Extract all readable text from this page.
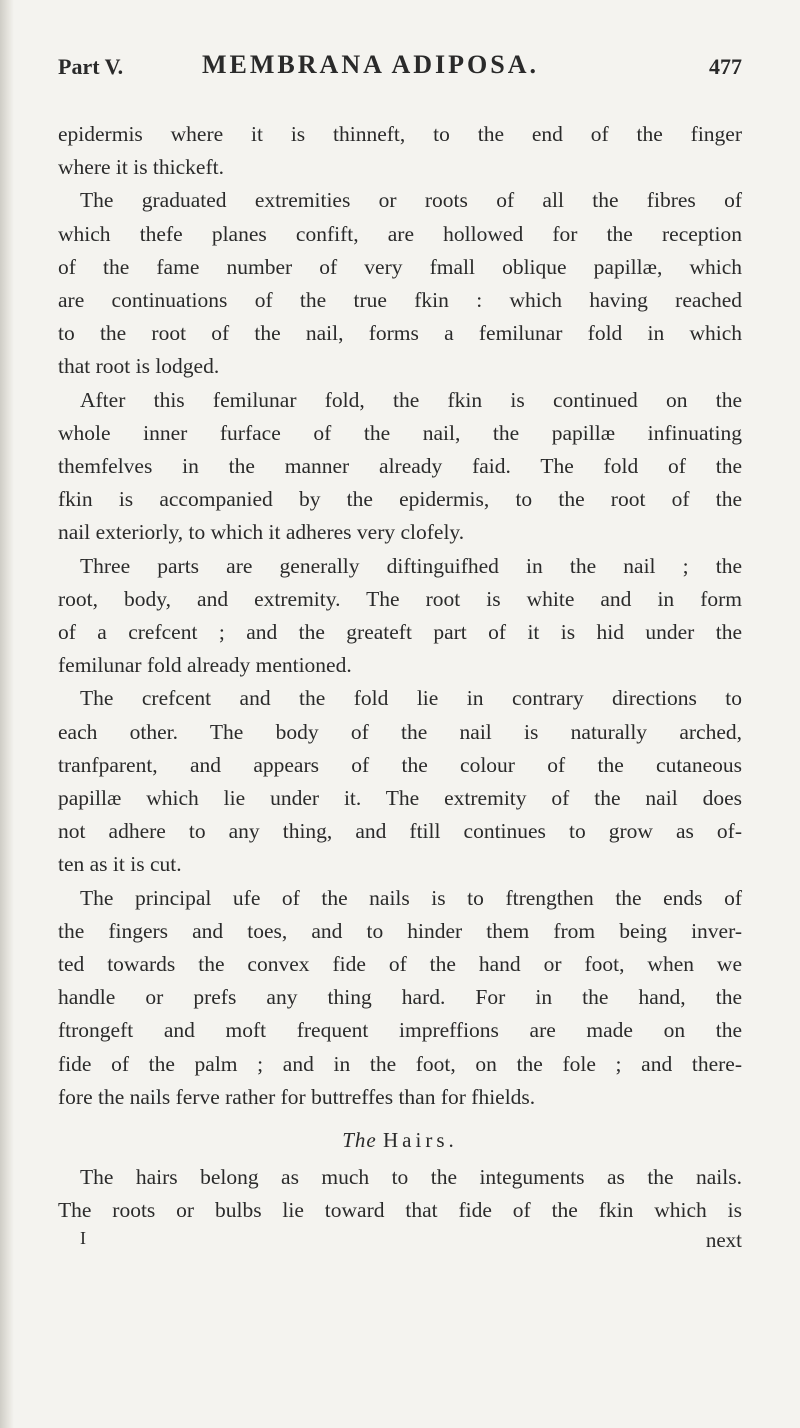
Part V.	MEMBRANA ADIPOSA.	477
epidermis where it is thinneft, to the end of the finger
where it is thickeft.
The graduated extremities or roots of all the fibres of
which thefe planes confift, are hollowed for the reception
of the fame number of very fmall oblique papillæ, which
are continuations of the true fkin : which having reached
to the root of the nail, forms a femilunar fold in which
that root is lodged.
After this femilunar fold, the fkin is continued on the
whole inner furface of the nail, the papillæ infinuating
themfelves in the manner already faid. The fold of the
fkin is accompanied by the epidermis, to the root of the
nail exteriorly, to which it adheres very clofely.
Three parts are generally diftinguifhed in the nail ; the
root, body, and extremity. The root is white and in form
of a crefcent ; and the greateft part of it is hid under the
femilunar fold already mentioned.
The crefcent and the fold lie in contrary directions to
each other. The body of the nail is naturally arched,
tranfparent, and appears of the colour of the cutaneous
papillæ which lie under it. The extremity of the nail does
not adhere to any thing, and ftill continues to grow as of-
ten as it is cut.
The principal ufe of the nails is to ftrengthen the ends of
the fingers and toes, and to hinder them from being inver-
ted towards the convex fide of the hand or foot, when we
handle or prefs any thing hard. For in the hand, the
ftrongeft and moft frequent impreffions are made on the
fide of the palm ; and in the foot, on the fole ; and there-
fore the nails ferve rather for buttreffes than for fhields.
The Hairs.
The hairs belong as much to the integuments as the nails.
The roots or bulbs lie toward that fide of the fkin which is
I	next
